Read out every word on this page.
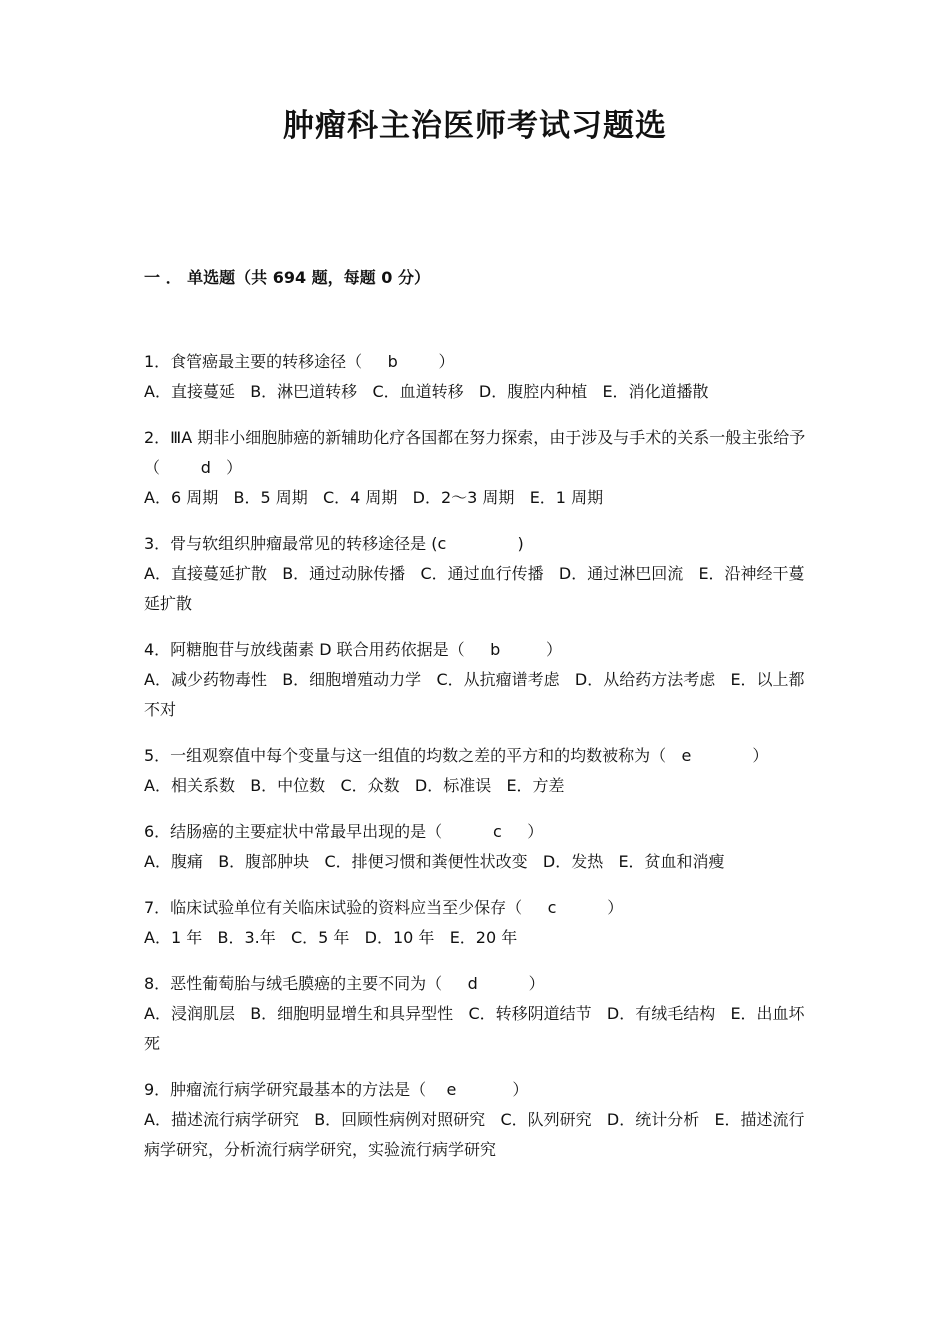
肿瘤科主治医师考试习题选
一 ． 单选题（共 694 题，每题 0 分）

1．食管癌最主要的转移途径（     b        ）

A．直接蔓延   B．淋巴道转移   C．血道转移   D．腹腔内种植   E．消化道播散

2．ⅢA 期非小细胞肺癌的新辅助化疗各国都在努力探索，由于涉及与手术的关系一般主张给予（        d   ）

A．6 周期   B．5 周期   C．4 周期   D．2～3 周期   E．1 周期

3．骨与软组织肿瘤最常见的转移途径是 (c              )

A．直接蔓延扩散   B．通过动脉传播   C．通过血行传播   D．通过淋巴回流   E．沿神经干蔓延扩散

4．阿糖胞苷与放线菌素 D 联合用药依据是（     b         ）

A．减少药物毒性   B．细胞增殖动力学   C．从抗瘤谱考虑   D．从给药方法考虑   E．以上都不对

5．一组观察值中每个变量与这一组值的均数之差的平方和的均数被称为（   e            ）

A．相关系数   B．中位数   C．众数   D．标准误   E．方差

6．结肠癌的主要症状中常最早出现的是（          c     ）

A．腹痛   B．腹部肿块   C．排便习惯和粪便性状改变   D．发热   E．贫血和消瘦

7．临床试验单位有关临床试验的资料应当至少保存（     c          ）

A．1 年   B．3.年   C．5 年   D．10 年   E．20 年

8．恶性葡萄胎与绒毛膜癌的主要不同为（     d          ）

A．浸润肌层   B．细胞明显增生和具异型性   C．转移阴道结节   D．有绒毛结构   E．出血坏死

9．肿瘤流行病学研究最基本的方法是（    e           ）

A．描述流行病学研究   B．回顾性病例对照研究   C．队列研究   D．统计分析   E．描述流行病学研究，分析流行病学研究，实验流行病学研究
